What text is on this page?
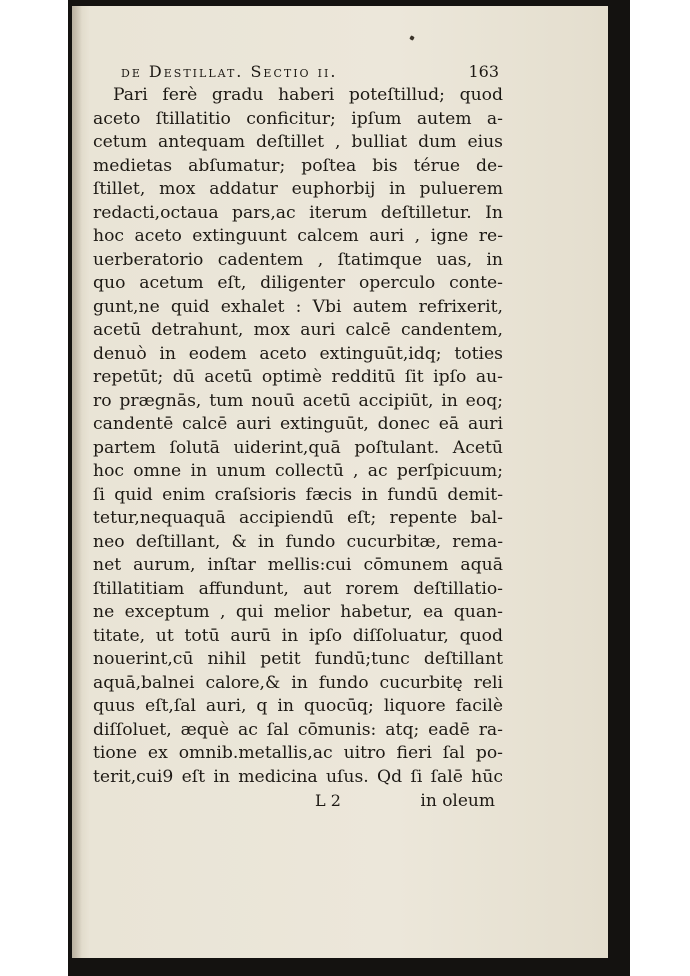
de Destillat. Sectio ii.	163
Pari ferè gradu haberi poteſtillud; quod
aceto ſtillatitio conficitur; ipſum autem a-
cetum antequam deſtillet , bulliat dum eius
medietas abſumatur; poſtea bis térue de-
ſtillet, mox addatur euphorbij in puluerem
redacti,octaua pars,ac iterum deſtilletur. In
hoc aceto extinguunt calcem auri , igne re-
uerberatorio cadentem , ſtatimque uas, in
quo acetum eſt, diligenter operculo conte-
gunt,ne quid exhalet : Vbi autem refrixerit,
acetū detrahunt, mox auri calcē candentem,
denuò in eodem aceto extinguūt,idq; toties
repetūt; dū acetū optimè redditū ſit ipſo au-
ro prægnās, tum nouū acetū accipiūt, in eoq;
candentē calcē auri extinguūt, donec eā auri
partem ſolutā uiderint,quā poſtulant. Acetū
hoc omne in unum collectū , ac perſpicuum;
ſi quid enim craſsioris fæcis in fundū demit-
tetur,nequaquā accipiendū eſt; repente bal-
neo deſtillant, & in fundo cucurbitæ, rema-
net aurum, inſtar mellis:cui cōmunem aquā
ſtillatitiam affundunt, aut rorem deſtillatio-
ne exceptum , qui melior habetur, ea quan-
titate, ut totū aurū in ipſo diſſoluatur, quod
nouerint,cū nihil petit fundū;tunc deſtillant
aquā,balnei calore,& in fundo cucurbitę reli
quus eſt,ſal auri, q in quocūq; liquore facilè
diſſoluet, æquè ac ſal cōmunis: atq; eadē ra-
tione ex omnib.metallis,ac uitro fieri ſal po-
terit,cui9 eſt in medicina uſus. Qd ſi ſalē hūc
L 2	in oleum
